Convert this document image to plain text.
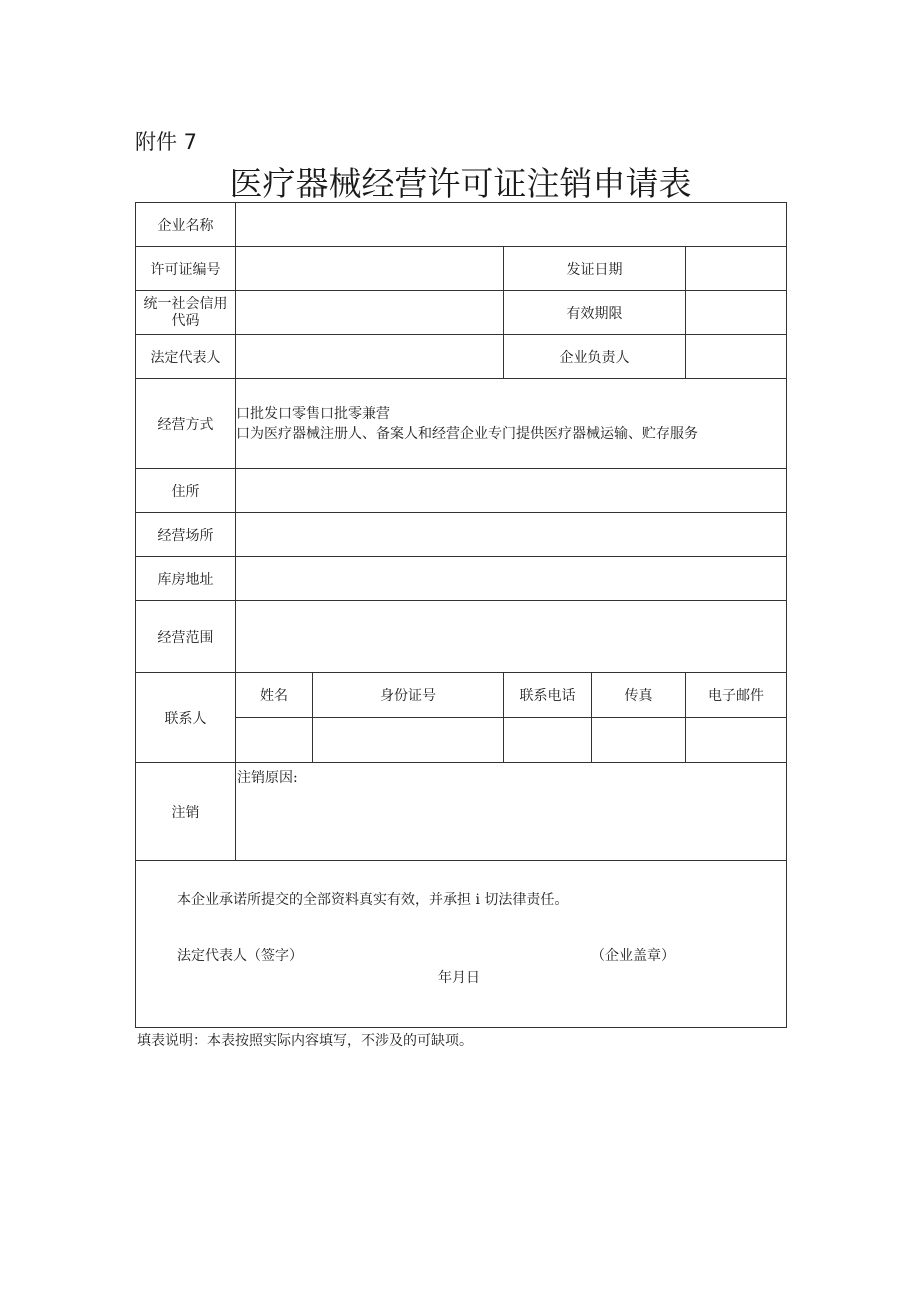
附件 7
医疗器械经营许可证注销申请表
企业名称					
许可证编号			发证日期		

统一社会信用
代码			有效期限		
法定代表人			企业负责人		
经营方式	口批发口零售口批零兼营
口为医疗器械注册人、备案人和经营企业专门提供医疗器械运输、贮存服务				

住所					
经营场所					
库房地址					
经营范围					
联系人	姓名	身份证号	联系电话	传真	电子邮件

注销	注销原因:				

本企业承诺所提交的全部资料真实有效，并承担 i 切法律责任。
法定代表人（签字） （企业盖章）
年月日					
填表说明：本表按照实际内容填写，不涉及的可缺项。
